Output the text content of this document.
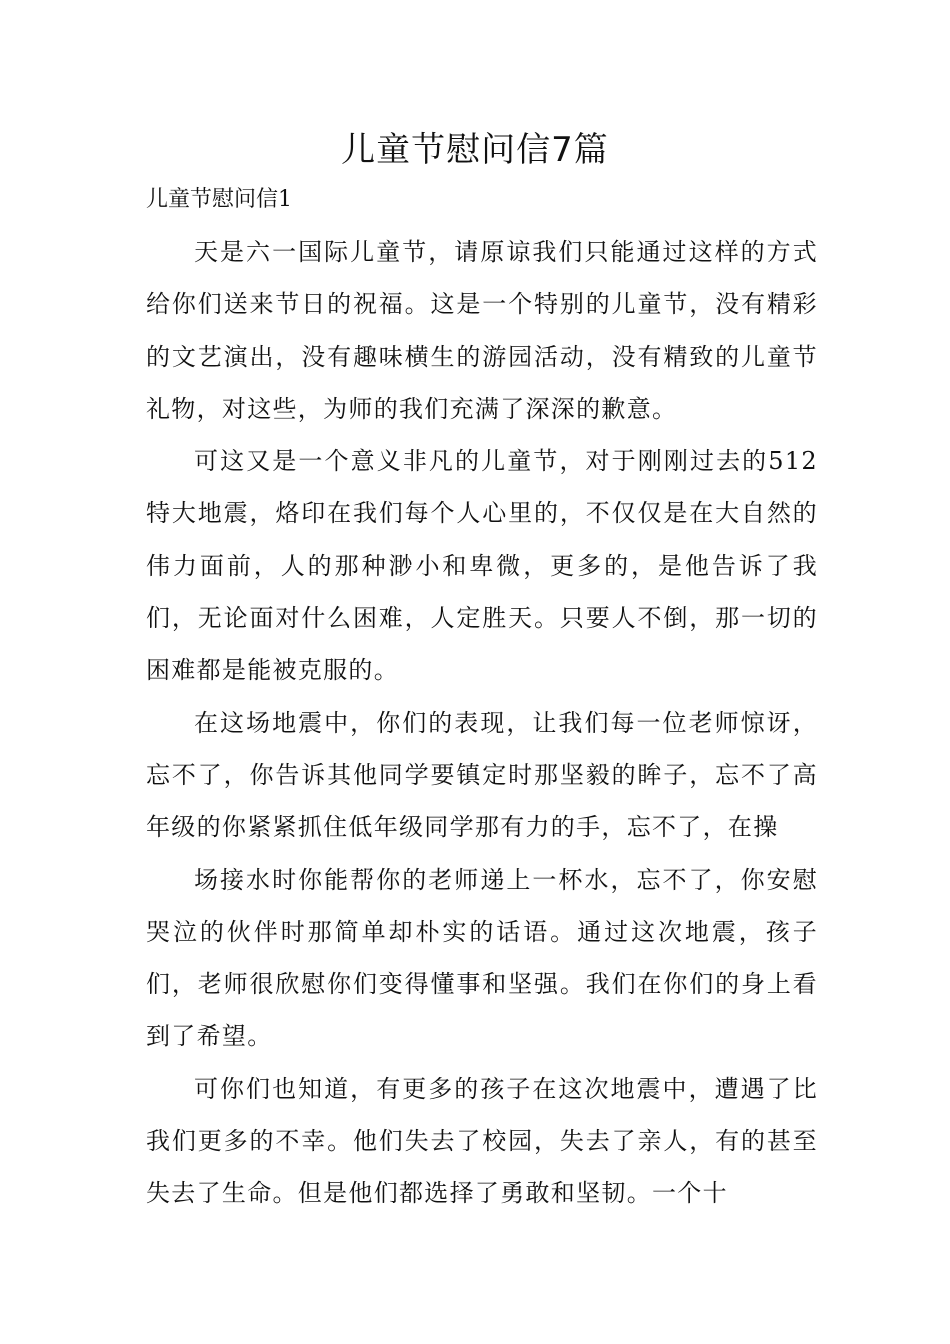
儿童节慰问信7篇

儿童节慰问信1

天是六一国际儿童节，请原谅我们只能通过这样的方式给你们送来节日的祝福。这是一个特别的儿童节，没有精彩的文艺演出，没有趣味横生的游园活动，没有精致的儿童节礼物，对这些，为师的我们充满了深深的歉意。

可这又是一个意义非凡的儿童节，对于刚刚过去的512特大地震，烙印在我们每个人心里的，不仅仅是在大自然的伟力面前，人的那种渺小和卑微，更多的，是他告诉了我们，无论面对什么困难，人定胜天。只要人不倒，那一切的困难都是能被克服的。

在这场地震中，你们的表现，让我们每一位老师惊讶，忘不了，你告诉其他同学要镇定时那坚毅的眸子，忘不了高年级的你紧紧抓住低年级同学那有力的手，忘不了，在操

场接水时你能帮你的老师递上一杯水，忘不了，你安慰哭泣的伙伴时那简单却朴实的话语。通过这次地震，孩子们，老师很欣慰你们变得懂事和坚强。我们在你们的身上看到了希望。

可你们也知道，有更多的孩子在这次地震中，遭遇了比我们更多的不幸。他们失去了校园，失去了亲人，有的甚至失去了生命。但是他们都选择了勇敢和坚韧。一个十
